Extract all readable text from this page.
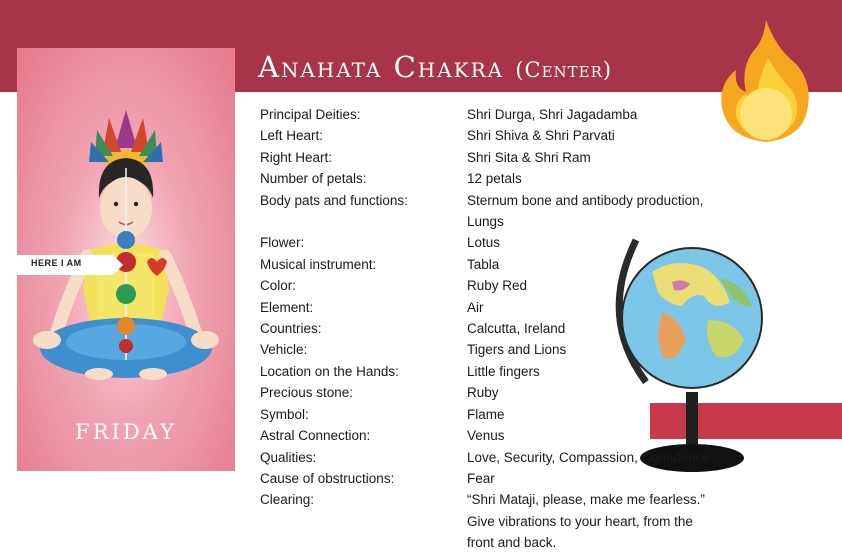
Anahata Chakra (Center)
HERE I AM
FRIDAY
Principal Deities:	Shri Durga, Shri Jagadamba
Left Heart:	Shri Shiva & Shri Parvati
Right Heart:	Shri Sita & Shri Ram
Number of petals:	12 petals
Body pats and functions:	Sternum bone and antibody production,
Lungs
Flower:	Lotus
Musical instrument:	Tabla
Color:	Ruby Red
Element:	Air
Countries:	Calcutta, Ireland
Vehicle:	Tigers and Lions
Location on the Hands:	Little fingers
Precious stone:	Ruby
Symbol:	Flame
Astral Connection:	Venus
Qualities:	Love, Security, Compassion, Confidence
Cause of obstructions:	Fear
Clearing:	“Shri Mataji, please, make me fearless.”
Give vibrations to your heart, from the
front and back.
